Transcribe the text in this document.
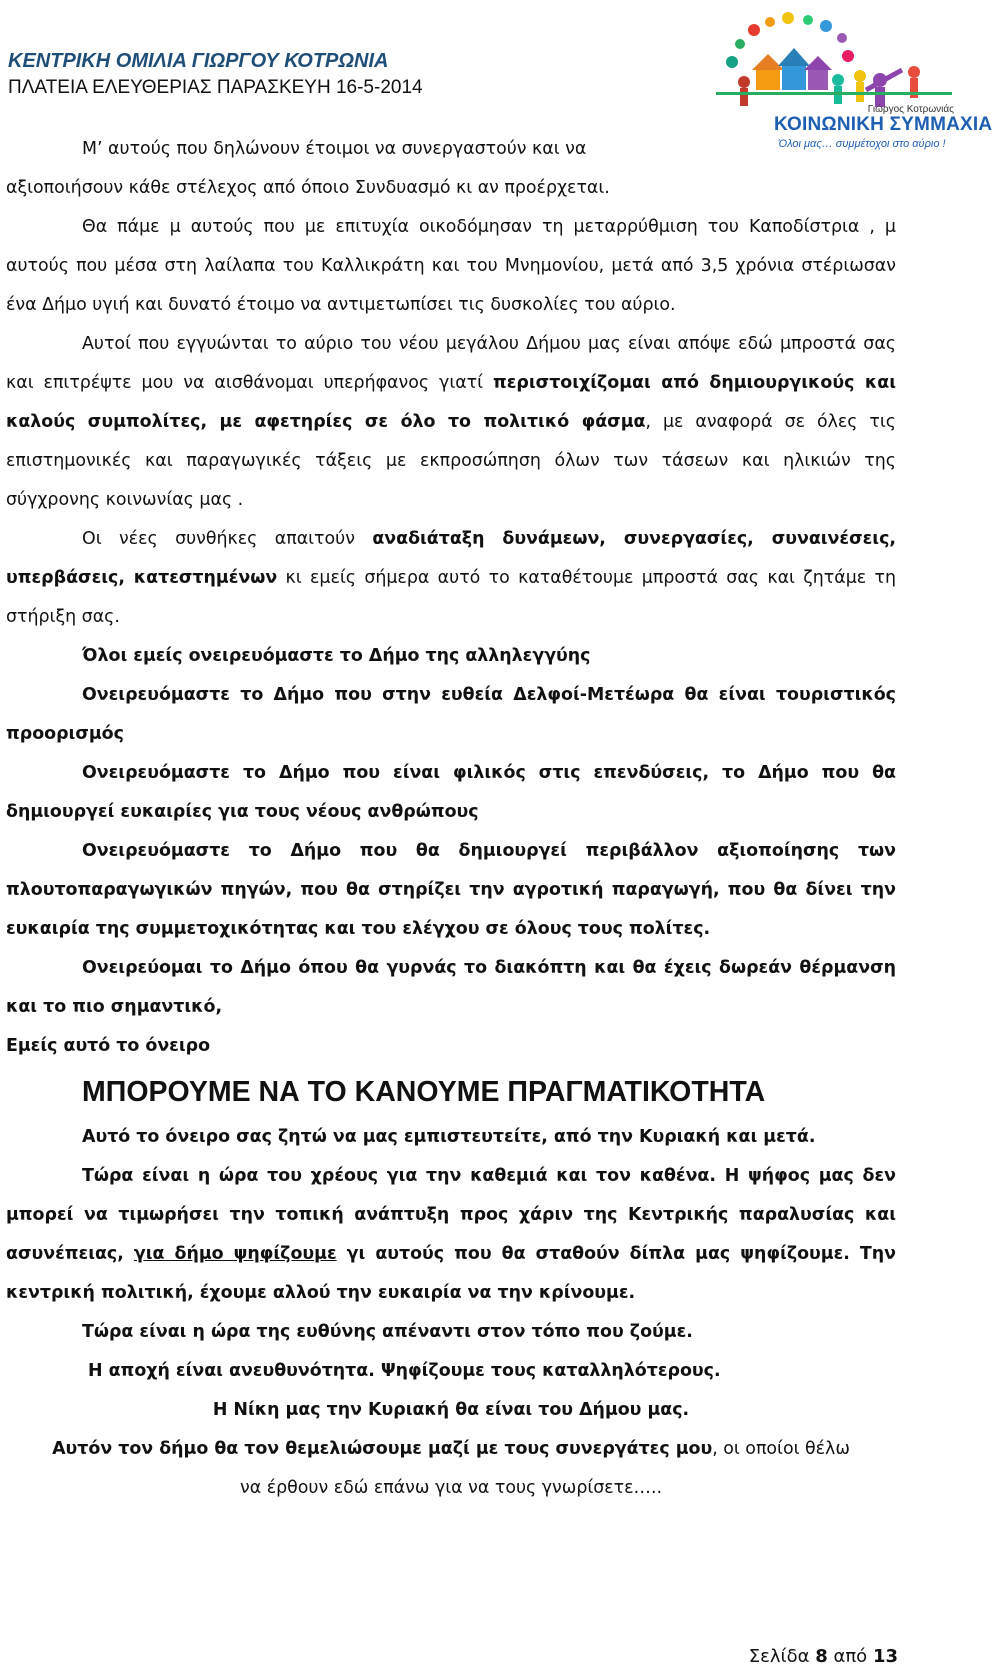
ΚΕΝΤΡΙΚΗ ΟΜΙΛΙΑ ΓΙΩΡΓΟΥ ΚΟΤΡΩΝΙΑ
ΠΛΑΤΕΙΑ ΕΛΕΥΘΕΡΙΑΣ ΠΑΡΑΣΚΕΥΗ 16-5-2014
Γιώργος Κοτρωνιάς
ΚΟΙΝΩΝΙΚΗ ΣΥΜΜΑΧΙΑ
Όλοι μας… συμμέτοχοι στο αύριο !

Μ’ αυτούς που δηλώνουν έτοιμοι να συνεργαστούν και να

αξιοποιήσουν κάθε στέλεχος από όποιο Συνδυασμό κι αν προέρχεται.

Θα πάμε μ αυτούς που με επιτυχία οικοδόμησαν τη μεταρρύθμιση του Καποδίστρια , μ αυτούς που μέσα στη λαίλαπα του Καλλικράτη και του Μνημονίου, μετά από 3,5 χρόνια στέριωσαν ένα Δήμο υγιή και δυνατό έτοιμο να αντιμετωπίσει τις δυσκολίες του αύριο.

Αυτοί που εγγυώνται το αύριο του νέου μεγάλου Δήμου μας είναι απόψε εδώ μπροστά σας και επιτρέψτε μου να αισθάνομαι υπερήφανος γιατί περιστοιχίζομαι από δημιουργικούς και καλούς συμπολίτες, με αφετηρίες σε όλο το πολιτικό φάσμα, με αναφορά σε όλες τις επιστημονικές και παραγωγικές τάξεις με εκπροσώπηση όλων των τάσεων και ηλικιών της σύγχρονης κοινωνίας μας .

Οι νέες συνθήκες απαιτούν αναδιάταξη δυνάμεων, συνεργασίες, συναινέσεις, υπερβάσεις, κατεστημένων κι εμείς σήμερα αυτό το καταθέτουμε μπροστά σας και ζητάμε τη στήριξη σας.

Όλοι εμείς ονειρευόμαστε το Δήμο της αλληλεγγύης

Ονειρευόμαστε το Δήμο που στην ευθεία Δελφοί-Μετέωρα θα είναι τουριστικός προορισμός

Ονειρευόμαστε το Δήμο που είναι φιλικός στις επενδύσεις, το Δήμο που θα δημιουργεί ευκαιρίες για τους νέους ανθρώπους

Ονειρευόμαστε το Δήμο που θα δημιουργεί περιβάλλον αξιοποίησης των πλουτοπαραγωγικών πηγών, που θα στηρίζει την αγροτική παραγωγή, που θα δίνει την ευκαιρία της συμμετοχικότητας και του ελέγχου σε όλους τους πολίτες.

Ονειρεύομαι το Δήμο όπου θα γυρνάς το διακόπτη και θα έχεις δωρεάν θέρμανση και το πιο σημαντικό,

Εμείς αυτό το όνειρο

ΜΠΟΡΟΥΜΕ ΝΑ ΤΟ ΚΑΝΟΥΜΕ ΠΡΑΓΜΑΤΙΚΟΤΗΤΑ

Αυτό το όνειρο σας ζητώ να μας εμπιστευτείτε, από την Κυριακή και μετά.

Τώρα είναι η ώρα του χρέους για την καθεμιά και τον καθένα. Η ψήφος μας δεν μπορεί να τιμωρήσει την τοπική ανάπτυξη προς χάριν της Κεντρικής παραλυσίας και ασυνέπειας, για δήμο ψηφίζουμε γι αυτούς που θα σταθούν δίπλα μας ψηφίζουμε. Την κεντρική πολιτική, έχουμε αλλού την ευκαιρία να την κρίνουμε.

Τώρα είναι η ώρα της ευθύνης απέναντι στον τόπο που ζούμε.

Η αποχή είναι ανευθυνότητα. Ψηφίζουμε τους καταλληλότερους.

Η Νίκη μας την Κυριακή θα είναι του Δήμου μας.

Αυτόν τον δήμο θα τον θεμελιώσουμε μαζί με τους συνεργάτες μου, οι οποίοι θέλω

να έρθουν εδώ επάνω για να τους γνωρίσετε…..

Σελίδα 8 από 13
